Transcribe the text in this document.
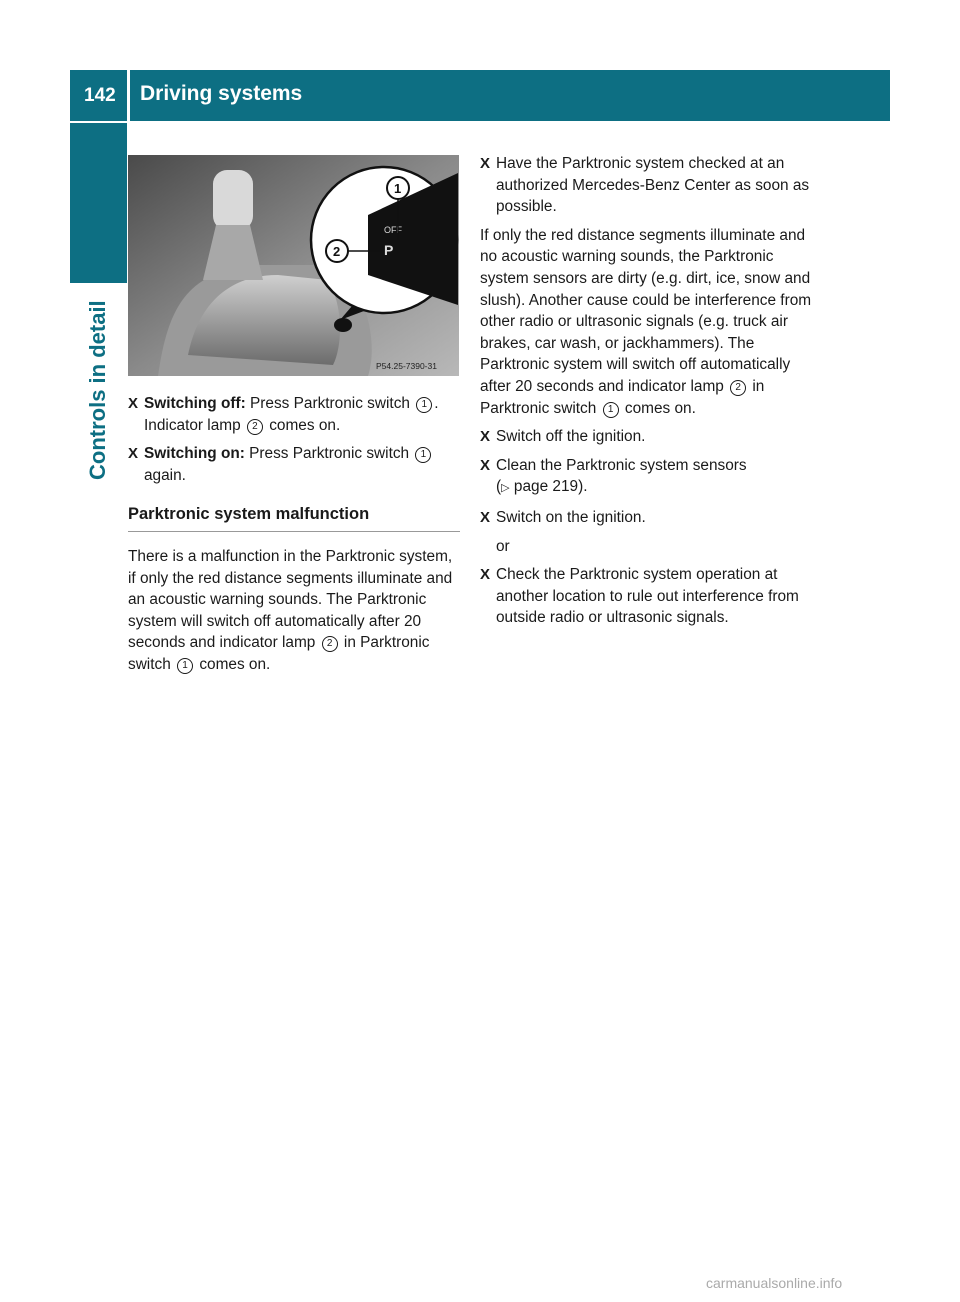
142	Driving systems
Controls in detail
OFF
P
1
2
P54.25-7390-31
X Switching off: Press Parktronic switch 1 .
Indicator lamp 2 comes on.
X Switching on: Press Parktronic switch 1 again.
Parktronic system malfunction

There is a malfunction in the Parktronic system, if only the red distance segments illuminate and an acoustic warning sounds. The Parktronic system will switch off automatically after 20 seconds and indicator lamp 2 in Parktronic switch 1 comes on.

X Have the Parktronic system checked at an authorized Mercedes-Benz Center as soon as possible.

If only the red distance segments illuminate and no acoustic warning sounds, the Parktronic system sensors are dirty (e.g. dirt, ice, snow and slush). Another cause could be interference from other radio or ultrasonic signals (e.g. truck air brakes, car wash, or jackhammers). The Parktronic system will switch off automatically after 20 seconds and indicator lamp 2 in Parktronic switch 1 comes on.

X Switch off the ignition.
X Clean the Parktronic system sensors
(▷ page 219).
X Switch on the ignition.
or
X Check the Parktronic system operation at another location to rule out interference from outside radio or ultrasonic signals.
carmanualsonline.info
